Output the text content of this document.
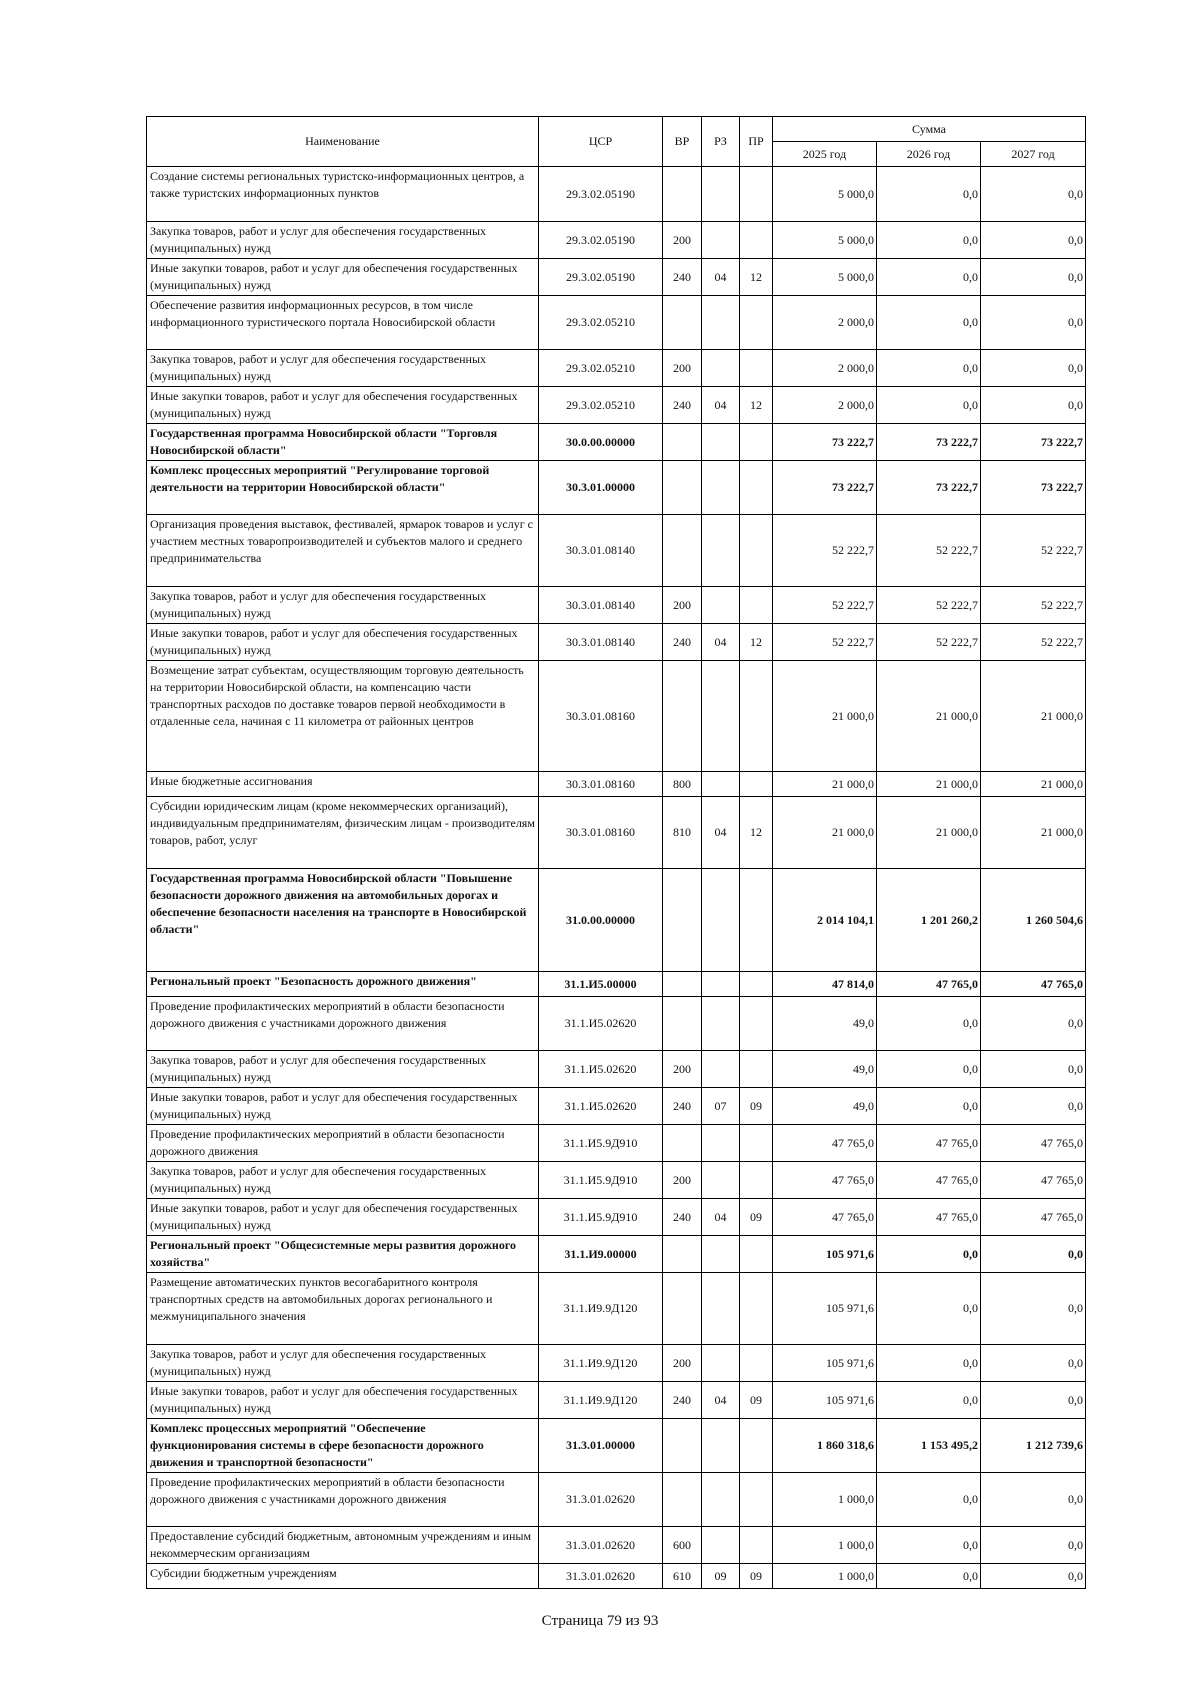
Наименование	ЦСР	ВР	РЗ	ПР	Сумма		
					2025 год	2026 год	2027 год
Создание системы региональных туристско-информационных центров, а также туристских информационных пунктов	29.3.02.05190				5 000,0	0,0	0,0
Закупка товаров, работ и услуг для обеспечения государственных (муниципальных) нужд	29.3.02.05190	200			5 000,0	0,0	0,0
Иные закупки товаров, работ и услуг для обеспечения государственных (муниципальных) нужд	29.3.02.05190	240	04	12	5 000,0	0,0	0,0
Обеспечение развития информационных ресурсов, в том числе информационного туристического портала Новосибирской области	29.3.02.05210				2 000,0	0,0	0,0
Закупка товаров, работ и услуг для обеспечения государственных (муниципальных) нужд	29.3.02.05210	200			2 000,0	0,0	0,0
Иные закупки товаров, работ и услуг для обеспечения государственных (муниципальных) нужд	29.3.02.05210	240	04	12	2 000,0	0,0	0,0
Государственная программа Новосибирской области "Торговля Новосибирской области"	30.0.00.00000				73 222,7	73 222,7	73 222,7
Комплекс процессных мероприятий "Регулирование торговой деятельности на территории Новосибирской области"	30.3.01.00000				73 222,7	73 222,7	73 222,7
Организация проведения выставок, фестивалей, ярмарок товаров и услуг с участием местных товаропроизводителей и субъектов малого и среднего предпринимательства	30.3.01.08140				52 222,7	52 222,7	52 222,7
Закупка товаров, работ и услуг для обеспечения государственных (муниципальных) нужд	30.3.01.08140	200			52 222,7	52 222,7	52 222,7
Иные закупки товаров, работ и услуг для обеспечения государственных (муниципальных) нужд	30.3.01.08140	240	04	12	52 222,7	52 222,7	52 222,7
Возмещение затрат субъектам, осуществляющим торговую деятельность на территории Новосибирской области, на компенсацию части транспортных расходов по доставке товаров первой необходимости в отдаленные села, начиная с 11 километра от районных центров	30.3.01.08160				21 000,0	21 000,0	21 000,0
Иные бюджетные ассигнования	30.3.01.08160	800			21 000,0	21 000,0	21 000,0
Субсидии юридическим лицам (кроме некоммерческих организаций), индивидуальным предпринимателям, физическим лицам - производителям товаров, работ, услуг	30.3.01.08160	810	04	12	21 000,0	21 000,0	21 000,0
Государственная программа Новосибирской области "Повышение безопасности дорожного движения на автомобильных дорогах и обеспечение безопасности населения на транспорте в Новосибирской области"	31.0.00.00000				2 014 104,1	1 201 260,2	1 260 504,6
Региональный проект "Безопасность дорожного движения"	31.1.И5.00000				47 814,0	47 765,0	47 765,0
Проведение профилактических мероприятий в области безопасности дорожного движения с участниками дорожного движения	31.1.И5.02620				49,0	0,0	0,0
Закупка товаров, работ и услуг для обеспечения государственных (муниципальных) нужд	31.1.И5.02620	200			49,0	0,0	0,0
Иные закупки товаров, работ и услуг для обеспечения государственных (муниципальных) нужд	31.1.И5.02620	240	07	09	49,0	0,0	0,0
Проведение профилактических мероприятий в области безопасности дорожного движения	31.1.И5.9Д910				47 765,0	47 765,0	47 765,0
Закупка товаров, работ и услуг для обеспечения государственных (муниципальных) нужд	31.1.И5.9Д910	200			47 765,0	47 765,0	47 765,0
Иные закупки товаров, работ и услуг для обеспечения государственных (муниципальных) нужд	31.1.И5.9Д910	240	04	09	47 765,0	47 765,0	47 765,0
Региональный проект "Общесистемные меры развития дорожного хозяйства"	31.1.И9.00000				105 971,6	0,0	0,0
Размещение автоматических пунктов весогабаритного контроля транспортных средств на автомобильных дорогах регионального и межмуниципального значения	31.1.И9.9Д120				105 971,6	0,0	0,0
Закупка товаров, работ и услуг для обеспечения государственных (муниципальных) нужд	31.1.И9.9Д120	200			105 971,6	0,0	0,0
Иные закупки товаров, работ и услуг для обеспечения государственных (муниципальных) нужд	31.1.И9.9Д120	240	04	09	105 971,6	0,0	0,0
Комплекс процессных мероприятий "Обеспечение функционирования системы в сфере безопасности дорожного движения и транспортной безопасности"	31.3.01.00000				1 860 318,6	1 153 495,2	1 212 739,6
Проведение профилактических мероприятий в области безопасности дорожного движения с участниками дорожного движения	31.3.01.02620				1 000,0	0,0	0,0
Предоставление субсидий бюджетным, автономным учреждениям и иным некоммерческим организациям	31.3.01.02620	600			1 000,0	0,0	0,0
Субсидии бюджетным учреждениям	31.3.01.02620	610	09	09	1 000,0	0,0	0,0
Страница 79 из 93
